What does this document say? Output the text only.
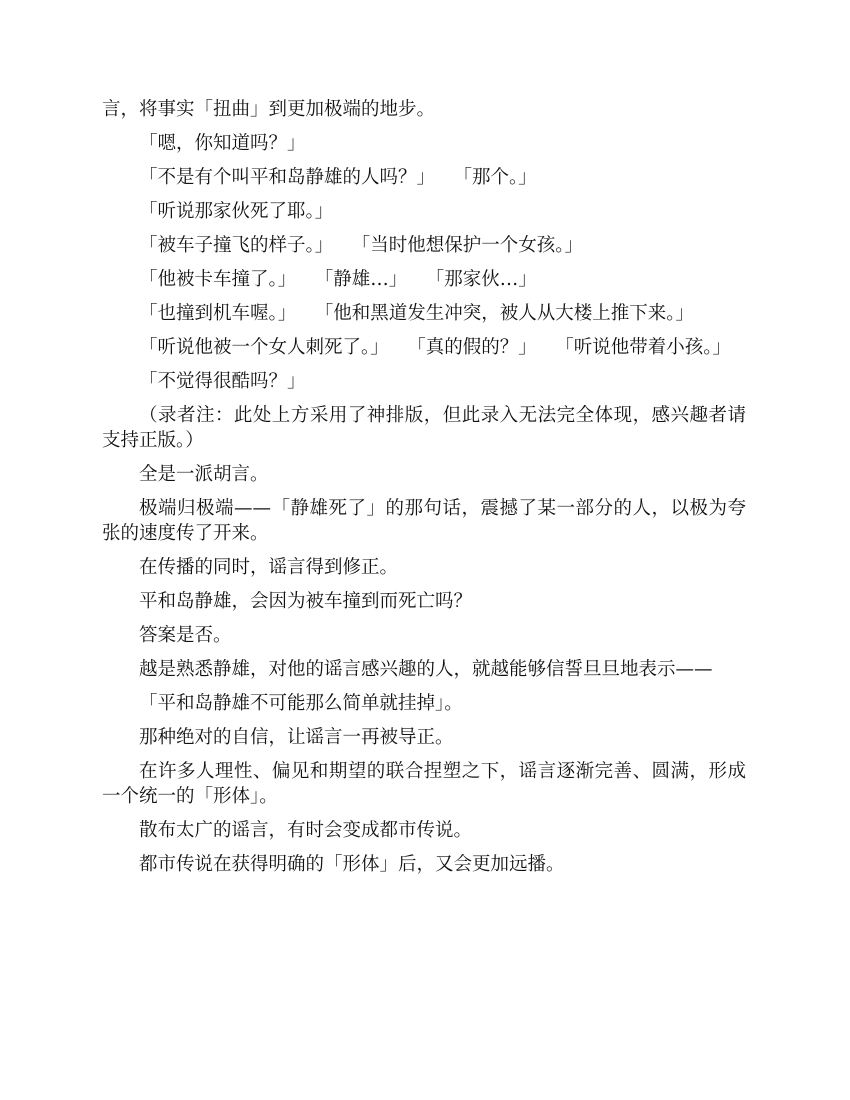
言，将事实「扭曲」到更加极端的地步。

「嗯，你知道吗？」

「不是有个叫平和岛静雄的人吗？」　　「那个。」

「听说那家伙死了耶。」

「被车子撞飞的样子。」　　「当时他想保护一个女孩。」

「他被卡车撞了。」　　「静雄…」　　「那家伙…」

「也撞到机车喔。」　　「他和黑道发生冲突，被人从大楼上推下来。」

「听说他被一个女人刺死了。」　　「真的假的？」　　「听说他带着小孩。」

「不觉得很酷吗？」

（录者注：此处上方采用了神排版，但此录入无法完全体现，感兴趣者请支持正版。）

全是一派胡言。

极端归极端——「静雄死了」的那句话，震撼了某一部分的人，以极为夸张的速度传了开来。

在传播的同时，谣言得到修正。

平和岛静雄，会因为被车撞到而死亡吗？

答案是否。

越是熟悉静雄，对他的谣言感兴趣的人，就越能够信誓旦旦地表示——

「平和岛静雄不可能那么简单就挂掉」。

那种绝对的自信，让谣言一再被导正。

在许多人理性、偏见和期望的联合捏塑之下，谣言逐渐完善、圆满，形成一个统一的「形体」。

散布太广的谣言，有时会变成都市传说。

都市传说在获得明确的「形体」后，又会更加远播。
